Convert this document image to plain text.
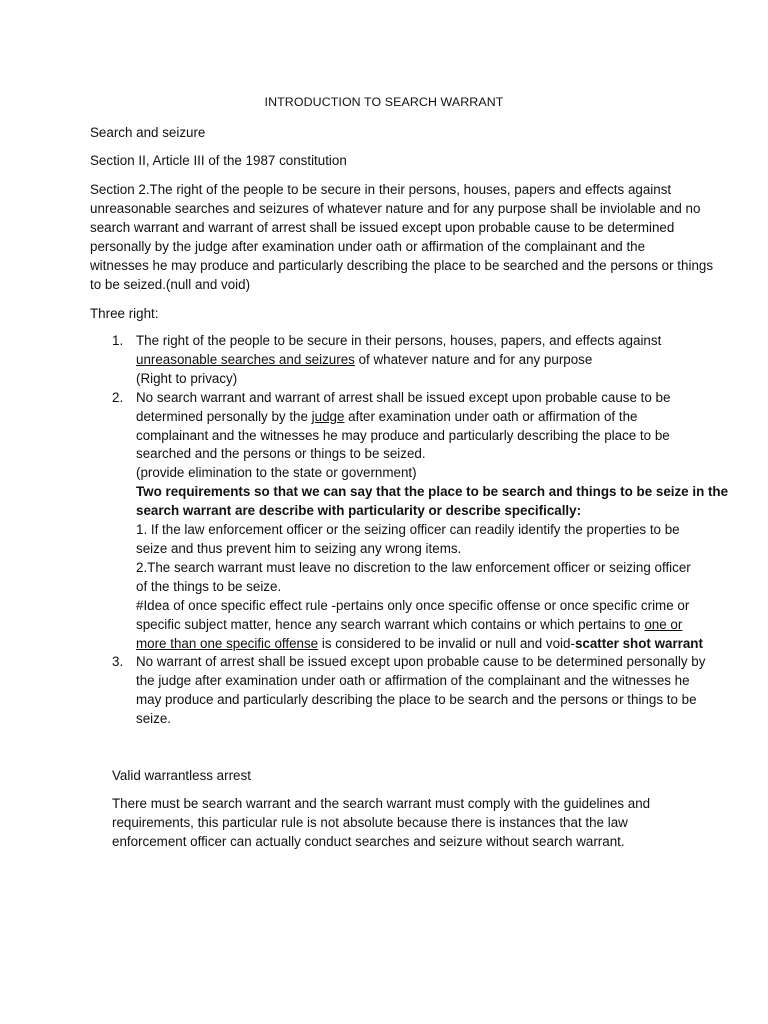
INTRODUCTION TO SEARCH WARRANT

Search and seizure

Section II, Article III of the 1987 constitution

Section 2.The right of the people to be secure in their persons, houses, papers and effects against
unreasonable searches and seizures of whatever nature and for any purpose shall be inviolable and no
search warrant and warrant of arrest shall be issued except upon probable cause to be determined
personally by the judge after examination under oath or affirmation of the complainant and the
witnesses he may produce and particularly describing the place to be searched and the persons or things
to be seized.(null and void)

Three right:

1. The right of the people to be secure in their persons, houses, papers, and effects against
unreasonable searches and seizures of whatever nature and for any purpose
(Right to privacy)
2. No search warrant and warrant of arrest shall be issued except upon probable cause to be
determined personally by the judge after examination under oath or affirmation of the
complainant and the witnesses he may produce and particularly describing the place to be
searched and the persons or things to be seized.
(provide elimination to the state or government)
Two requirements so that we can say that the place to be search and things to be seize in the
search warrant are describe with particularity or describe specifically:
1. If the law enforcement officer or the seizing officer can readily identify the properties to be
seize and thus prevent him to seizing any wrong items.
2.The search warrant must leave no discretion to the law enforcement officer or seizing officer
of the things to be seize.
#Idea of once specific effect rule -pertains only once specific offense or once specific crime or
specific subject matter, hence any search warrant which contains or which pertains to one or
more than one specific offense is considered to be invalid or null and void-scatter shot warrant
3. No warrant of arrest shall be issued except upon probable cause to be determined personally by
the judge after examination under oath or affirmation of the complainant and the witnesses he
may produce and particularly describing the place to be search and the persons or things to be
seize.

Valid warrantless arrest

There must be search warrant and the search warrant must comply with the guidelines and
requirements, this particular rule is not absolute because there is instances that the law
enforcement officer can actually conduct searches and seizure without search warrant.
